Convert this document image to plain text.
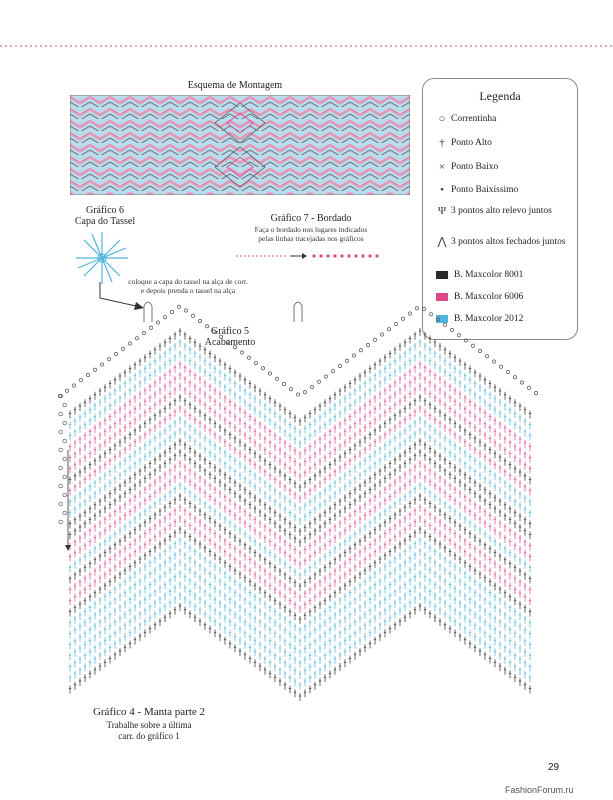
Esquema de Montagem
Legenda
○ Correntinha
† Ponto Alto
× Ponto Baixo
• Ponto Baixíssimo
Ψ 3 pontos alto relevo juntos
⋀ 3 pontos altos fechados juntos
B. Maxcolor 8001
B. Maxcolor 6006
B. Maxcolor 2012
Gráfico 6
Capa do Tassel	Gráfico 7 - Bordado
Faça o bordado nos lugares indicados
pelas linhas tracejadas nos gráficos
coloque a capa do tassel na alça de corr.
e depois prenda o tassel na alça
Gráfico 5
Acabamento
Gráfico 4 - Manta parte 2
Trabalhe sobre a última
carr. do gráfico 1
29
FashionForum.ru
